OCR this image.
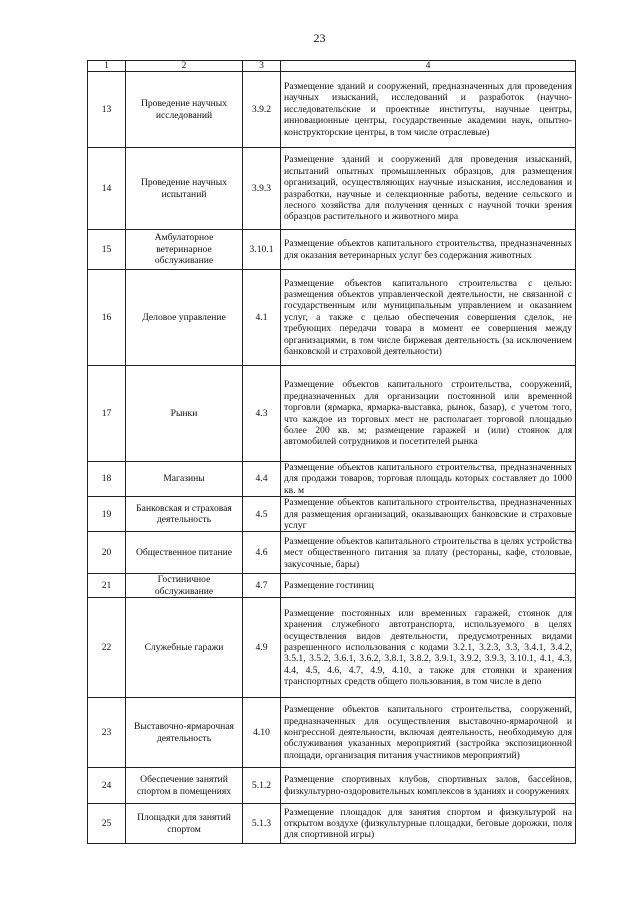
23
1	2	3	4
13	Проведение научных исследований	3.9.2	Размещение зданий и сооружений, предназначенных для проведения научных изысканий, исследований и разработок (научно-исследовательские и проектные институты, научные центры, инновационные центры, государственные академии наук, опытно-конструкторские центры, в том числе отраслевые)
14	Проведение научных испытаний	3.9.3	Размещение зданий и сооружений для проведения изысканий, испытаний опытных промышленных образцов, для размещения организаций, осуществляющих научные изыскания, исследования и разработки, научные и селекционные работы, ведение сельского и лесного хозяйства для получения ценных с научной точки зрения образцов растительного и животного мира
15	Амбулаторное ветеринарное обслуживание	3.10.1	Размещение объектов капитального строительства, предназначенных для оказания ветеринарных услуг без содержания животных
16	Деловое управление	4.1	Размещение объектов капитального строительства с целью: размещения объектов управленческой деятельности, не связанной с государственным или муниципальным управлением и оказанием услуг, а также с целью обеспечения совершения сделок, не требующих передачи товара в момент ее совершения между организациями, в том числе биржевая деятельность (за исключением банковской и страховой деятельности)
17	Рынки	4.3	Размещение объектов капитального строительства, сооружений, предназначенных для организации постоянной или временной торговли (ярмарка, ярмарка-выставка, рынок, базар), с учетом того, что каждое из торговых мест не располагает торговой площадью более 200 кв. м; размещение гаражей и (или) стоянок для автомобилей сотрудников и посетителей рынка
18	Магазины	4.4	Размещение объектов капитального строительства, предназначенных для продажи товаров, торговая площадь которых составляет до 1000 кв. м
19	Банковская и страховая деятельность	4.5	Размещение объектов капитального строительства, предназначенных для размещения организаций, оказывающих банковские и страховые услуг
20	Общественное питание	4.6	Размещение объектов капитального строительства в целях устройства мест общественного питания за плату (рестораны, кафе, столовые, закусочные, бары)
21	Гостиничное обслуживание	4.7	Размещение гостиниц
22	Служебные гаражи	4.9	Размещение постоянных или временных гаражей, стоянок для хранения служебного автотранспорта, используемого в целях осуществления видов деятельности, предусмотренных видами разрешенного использования с кодами 3.2.1, 3.2.3, 3.3, 3.4.1, 3.4.2, 3.5.1, 3.5.2, 3.6.1, 3.6.2, 3.8.1, 3.8.2, 3.9.1, 3.9.2, 3.9.3, 3.10.1, 4.1, 4.3, 4.4, 4.5, 4.6, 4.7, 4.9, 4.10, а также для стоянки и хранения транспортных средств общего пользования, в том числе в депо
23	Выставочно-ярмарочная деятельность	4.10	Размещение объектов капитального строительства, сооружений, предназначенных для осуществления выставочно-ярмарочной и конгрессной деятельности, включая деятельность, необходимую для обслуживания указанных мероприятий (застройка экспозиционной площади, организация питания участников мероприятий)
24	Обеспечение занятий спортом в помещениях	5.1.2	Размещение спортивных клубов, спортивных залов, бассейнов, физкультурно-оздоровительных комплексов в зданиях и сооружениях
25	Площадки для занятий спортом	5.1.3	Размещение площадок для занятия спортом и физкультурой на открытом воздухе (физкультурные площадки, беговые дорожки, поля для спортивной игры)
